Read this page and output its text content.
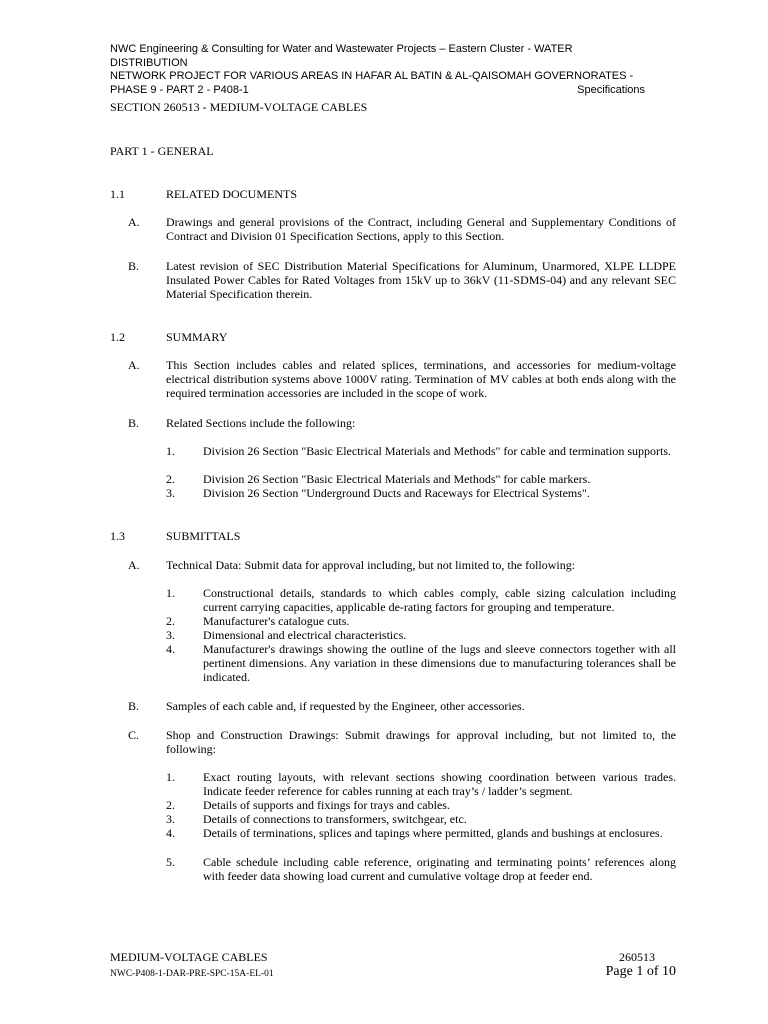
NWC Engineering & Consulting for Water and Wastewater Projects – Eastern Cluster - WATER DISTRIBUTION
NETWORK PROJECT FOR VARIOUS AREAS IN HAFAR AL BATIN & AL-QAISOMAH GOVERNORATES -
PHASE 9 - PART 2 - P408-1	Specifications
SECTION 260513 - MEDIUM-VOLTAGE CABLES
PART 1 - GENERAL
1.1	RELATED DOCUMENTS
A. Drawings and general provisions of the Contract, including General and Supplementary Conditions of Contract and Division 01 Specification Sections, apply to this Section.
B. Latest revision of SEC Distribution Material Specifications for Aluminum, Unarmored, XLPE LLDPE Insulated Power Cables for Rated Voltages from 15kV up to 36kV (11-SDMS-04) and any relevant SEC Material Specification therein.
1.2	SUMMARY
A. This Section includes cables and related splices, terminations, and accessories for medium-voltage electrical distribution systems above 1000V rating. Termination of MV cables at both ends along with the required termination accessories are included in the scope of work.
B. Related Sections include the following:
1. Division 26 Section "Basic Electrical Materials and Methods" for cable and termination supports.
2. Division 26 Section "Basic Electrical Materials and Methods" for cable markers.
3. Division 26 Section "Underground Ducts and Raceways for Electrical Systems".
1.3	SUBMITTALS
A. Technical Data: Submit data for approval including, but not limited to, the following:
1. Constructional details, standards to which cables comply, cable sizing calculation including current carrying capacities, applicable de-rating factors for grouping and temperature.
2. Manufacturer's catalogue cuts.
3. Dimensional and electrical characteristics.
4. Manufacturer's drawings showing the outline of the lugs and sleeve connectors together with all pertinent dimensions. Any variation in these dimensions due to manufacturing tolerances shall be indicated.
B. Samples of each cable and, if requested by the Engineer, other accessories.
C. Shop and Construction Drawings: Submit drawings for approval including, but not limited to, the following:
1. Exact routing layouts, with relevant sections showing coordination between various trades. Indicate feeder reference for cables running at each tray’s / ladder’s segment.
2. Details of supports and fixings for trays and cables.
3. Details of connections to transformers, switchgear, etc.
4. Details of terminations, splices and tapings where permitted, glands and bushings at enclosures.
5. Cable schedule including cable reference, originating and terminating points’ references along with feeder data showing load current and cumulative voltage drop at feeder end.
MEDIUM-VOLTAGE CABLES
NWC-P408-1-DAR-PRE-SPC-15A-EL-01
260513
Page 1 of 10
